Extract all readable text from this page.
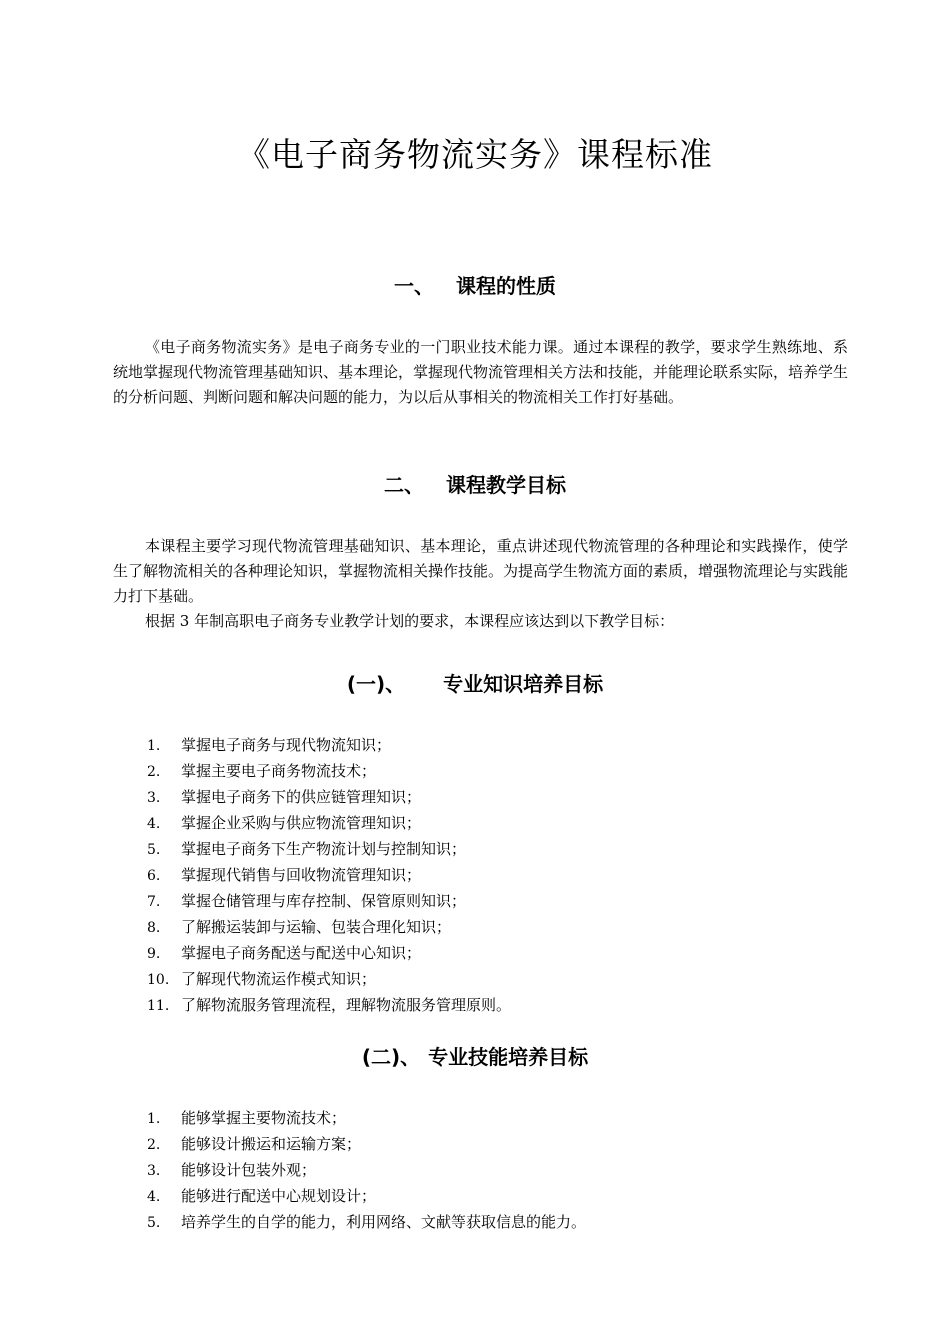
《电子商务物流实务》课程标准
一、 课程的性质

《电子商务物流实务》是电子商务专业的一门职业技术能力课。通过本课程的教学，要求学生熟练地、系统地掌握现代物流管理基础知识、基本理论，掌握现代物流管理相关方法和技能，并能理论联系实际，培养学生的分析问题、判断问题和解决问题的能力，为以后从事相关的物流相关工作打好基础。

二、 课程教学目标

本课程主要学习现代物流管理基础知识、基本理论，重点讲述现代物流管理的各种理论和实践操作，使学生了解物流相关的各种理论知识，掌握物流相关操作技能。为提高学生物流方面的素质，增强物流理论与实践能力打下基础。

根据 3 年制高职电子商务专业教学计划的要求，本课程应该达到以下教学目标：

(一)、 专业知识培养目标
1. 掌握电子商务与现代物流知识；
2. 掌握主要电子商务物流技术；
3. 掌握电子商务下的供应链管理知识；
4. 掌握企业采购与供应物流管理知识；
5. 掌握电子商务下生产物流计划与控制知识；
6. 掌握现代销售与回收物流管理知识；
7. 掌握仓储管理与库存控制、保管原则知识；
8. 了解搬运装卸与运输、包装合理化知识；
9. 掌握电子商务配送与配送中心知识；
10. 了解现代物流运作模式知识；
11. 了解物流服务管理流程，理解物流服务管理原则。
(二)、 专业技能培养目标
1. 能够掌握主要物流技术；
2. 能够设计搬运和运输方案；
3. 能够设计包装外观；
4. 能够进行配送中心规划设计；
5. 培养学生的自学的能力，利用网络、文献等获取信息的能力。
